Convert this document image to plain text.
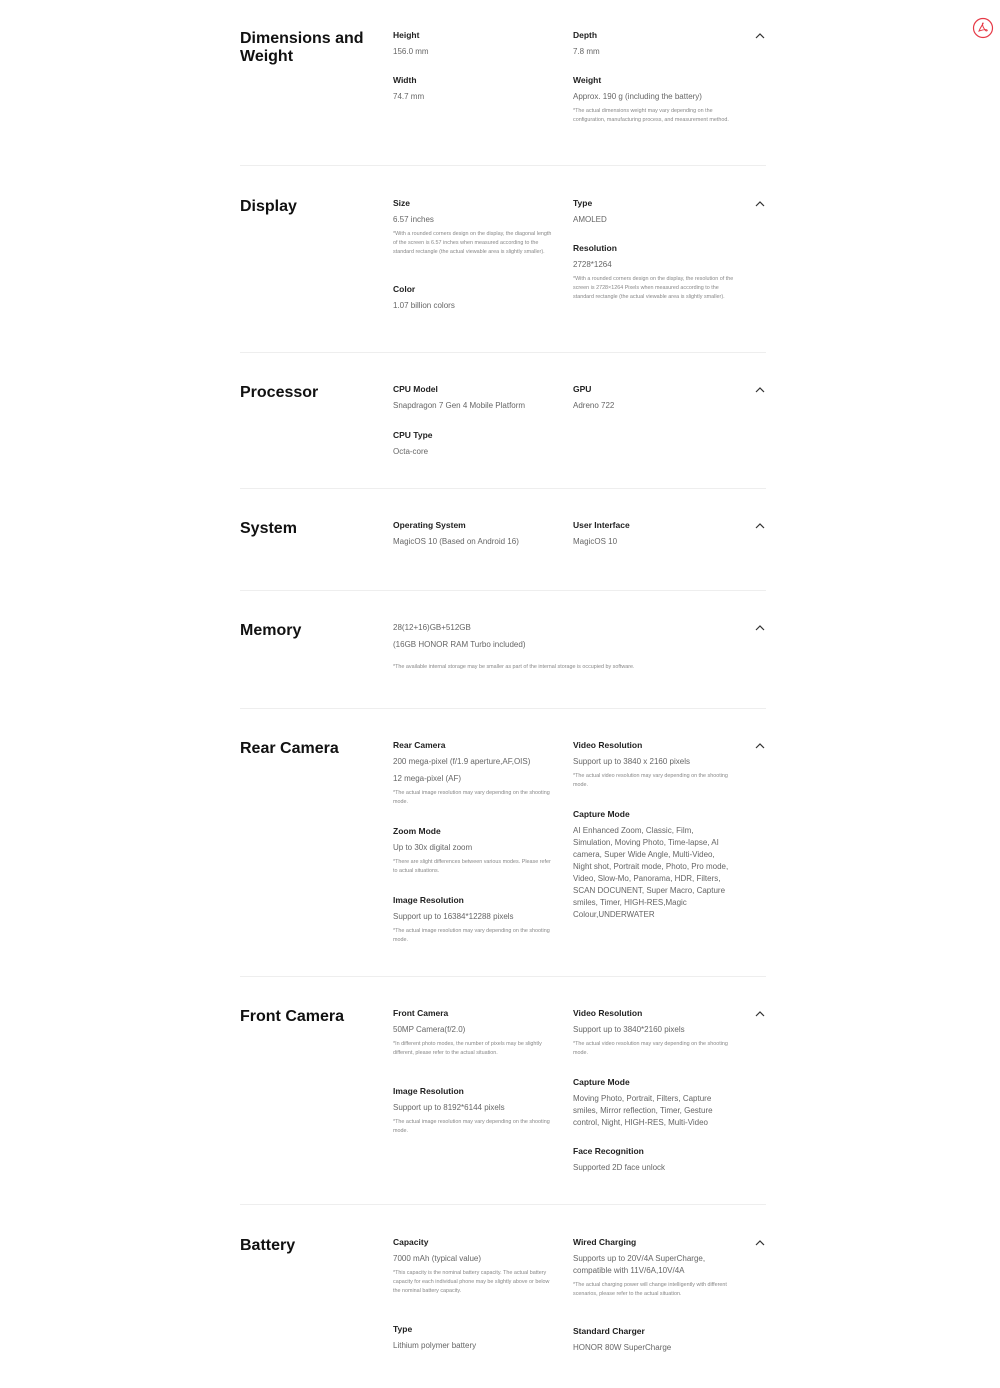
Dimensions and Weight
Height
156.0 mm
Depth
7.8 mm
Width
74.7 mm
Weight
Approx. 190 g (including the battery)
*The actual dimensions weight may vary depending on the configuration, manufacturing process, and measurement method.
Display	Size
6.57 inches
*With a rounded corners design on the display, the diagonal length of the screen is 6.57 inches when measured according to the standard rectangle (the actual viewable area is slightly smaller).
Type
AMOLED
Resolution
2728*1264
*With a rounded corners design on the display, the resolution of the screen is 2728×1264 Pixels when measured according to the standard rectangle (the actual viewable area is slightly smaller).
Color
1.07 billion colors
Processor	CPU Model
Snapdragon 7 Gen 4 Mobile Platform
GPU
Adreno 722
CPU Type
Octa-core
System	Operating System
MagicOS 10 (Based on Android 16)
User Interface
MagicOS 10
Memory	28(12+16)GB+512GB
(16GB HONOR RAM Turbo included)
*The available internal storage may be smaller as part of the internal storage is occupied by software.
Rear Camera	Rear Camera
200 mega-pixel (f/1.9 aperture,AF,OIS)
12 mega-pixel (AF)
*The actual image resolution may vary depending on the shooting mode.
Video Resolution
Support up to 3840 x 2160 pixels
*The actual video resolution may vary depending on the shooting mode.
Zoom Mode
Up to 30x digital zoom
*There are slight differences between various modes. Please refer to actual situations.
Capture Mode
AI Enhanced Zoom, Classic, Film, Simulation, Moving Photo, Time-lapse, AI camera, Super Wide Angle, Multi-Video, Night shot, Portrait mode, Photo, Pro mode, Video, Slow-Mo, Panorama, HDR, Filters, SCAN DOCUNENT, Super Macro, Capture smiles, Timer, HIGH-RES,Magic Colour,UNDERWATER
Image Resolution
Support up to 16384*12288 pixels
*The actual image resolution may vary depending on the shooting mode.
Front Camera	Front Camera
50MP Camera(f/2.0)
*In different photo modes, the number of pixels may be slightly different, please refer to the actual situation.
Video Resolution
Support up to 3840*2160 pixels
*The actual video resolution may vary depending on the shooting mode.
Image Resolution
Support up to 8192*6144 pixels
*The actual image resolution may vary depending on the shooting mode.
Capture Mode
Moving Photo, Portrait, Filters, Capture smiles, Mirror reflection, Timer, Gesture control, Night, HIGH-RES, Multi-Video
Face Recognition
Supported 2D face unlock
Battery	Capacity
7000 mAh (typical value)
*This capacity is the nominal battery capacity. The actual battery capacity for each individual phone may be slightly above or below the nominal battery capacity.
Wired Charging
Supports up to 20V/4A SuperCharge, compatible with 11V/6A,10V/4A
*The actual charging power will change intelligently with different scenarios, please refer to the actual situation.
Type
Lithium polymer battery
Standard Charger
HONOR 80W SuperCharge
